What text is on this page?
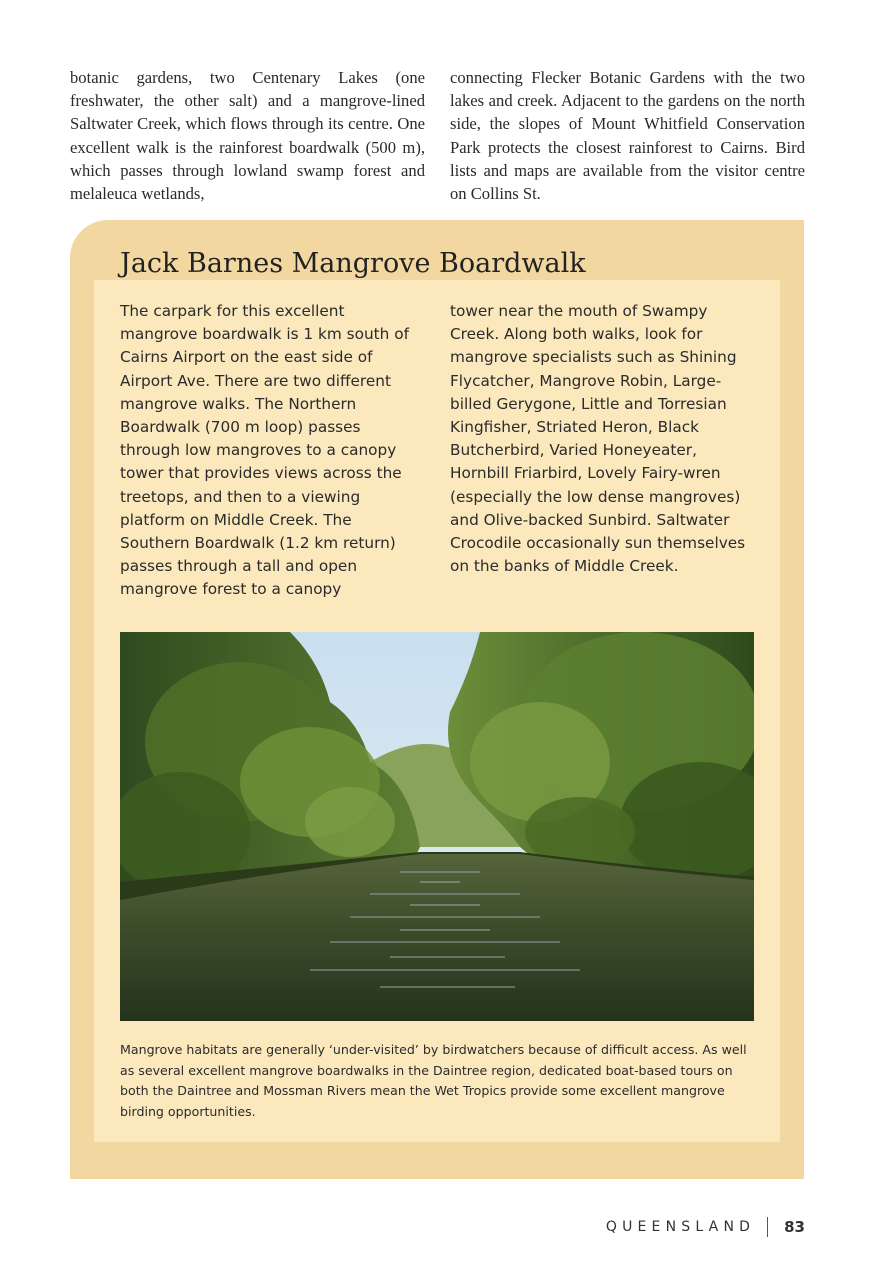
botanic gardens, two Centenary Lakes (one freshwater, the other salt) and a mangrove-lined Saltwater Creek, which flows through its centre. One excellent walk is the rainforest boardwalk (500 m), which passes through lowland swamp forest and melaleuca wetlands,

connecting Flecker Botanic Gardens with the two lakes and creek. Adjacent to the gardens on the north side, the slopes of Mount Whitfield Conservation Park protects the closest rainforest to Cairns. Bird lists and maps are available from the visitor centre on Collins St.

The carpark for this excellent mangrove boardwalk is 1 km south of Cairns Airport on the east side of Airport Ave. There are two different mangrove walks. The Northern Boardwalk (700 m loop) passes through low mangroves to a canopy tower that provides views across the treetops, and then to a viewing platform on Middle Creek. The Southern Boardwalk (1.2 km return) passes through a tall and open mangrove forest to a canopy

tower near the mouth of Swampy Creek. Along both walks, look for mangrove specialists such as Shining Flycatcher, Mangrove Robin, Large-billed Gerygone, Little and Torresian Kingfisher, Striated Heron, Black Butcherbird, Varied Honeyeater, Hornbill Friarbird, Lovely Fairy-wren (especially the low dense mangroves) and Olive-backed Sunbird. Saltwater Crocodile occasionally sun themselves on the banks of Middle Creek.

Mangrove habitats are generally ‘under-visited’ by birdwatchers because of difficult access. As well as several excellent mangrove boardwalks in the Daintree region, dedicated boat-based tours on both the Daintree and Mossman Rivers mean the Wet Tropics provide some excellent mangrove birding opportunities.

Jack Barnes Mangrove Boardwalk
QUEENSLAND 83
